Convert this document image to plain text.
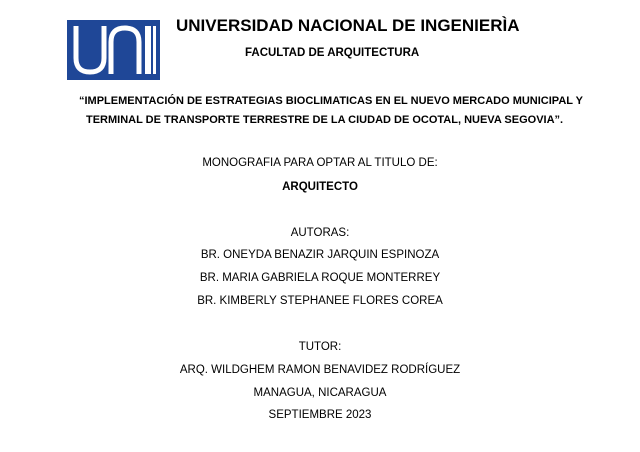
UNIVERSIDAD NACIONAL DE INGENIERÌA
FACULTAD DE ARQUITECTURA
“IMPLEMENTACIÓN DE ESTRATEGIAS BIOCLIMATICAS EN EL NUEVO MERCADO MUNICIPAL Y
TERMINAL DE TRANSPORTE TERRESTRE DE LA CIUDAD DE OCOTAL, NUEVA SEGOVIA”.
MONOGRAFIA PARA OPTAR AL TITULO DE:
ARQUITECTO
AUTORAS:
BR. ONEYDA BENAZIR JARQUIN ESPINOZA
BR. MARIA GABRIELA ROQUE MONTERREY
BR. KIMBERLY STEPHANEE FLORES COREA
TUTOR:
ARQ. WILDGHEM RAMON BENAVIDEZ RODRÍGUEZ
MANAGUA, NICARAGUA
SEPTIEMBRE 2023
